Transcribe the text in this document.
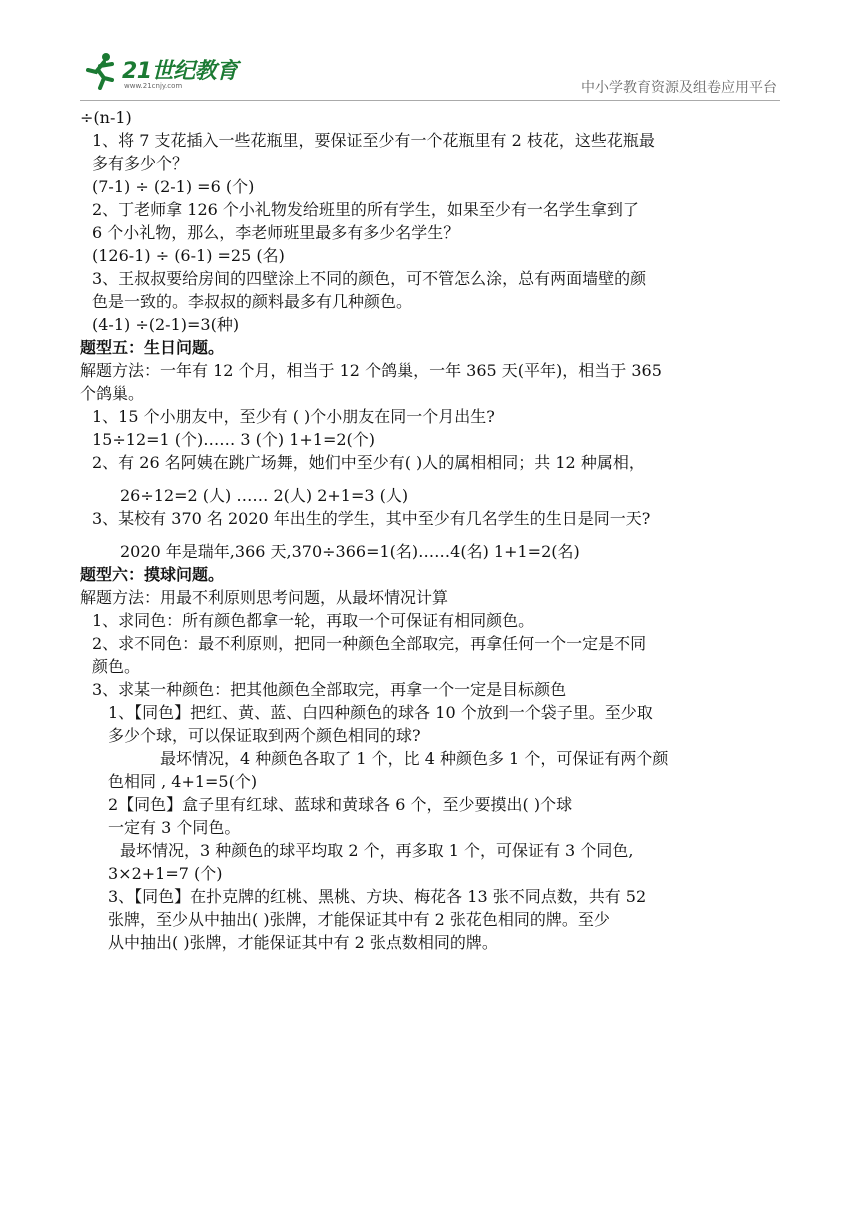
21世纪教育
www.21cnjy.com	中小学教育资源及组卷应用平台
÷(n-1)
1、将 7 支花插入一些花瓶里，要保证至少有一个花瓶里有 2 枝花，这些花瓶最
多有多少个？
(7-1) ÷ (2-1) =6 (个)
2、丁老师拿 126 个小礼物发给班里的所有学生，如果至少有一名学生拿到了
6 个小礼物，那么，李老师班里最多有多少名学生？
(126-1) ÷ (6-1) =25 (名)
3、王叔叔要给房间的四壁涂上不同的颜色，可不管怎么涂，总有两面墙壁的颜
色是一致的。李叔叔的颜料最多有几种颜色。
(4-1) ÷(2-1)=3(种)
题型五：生日问题。
解题方法：一年有 12 个月，相当于 12 个鸽巢，一年 365 天(平年)，相当于 365
个鸽巢。
1、15 个小朋友中，至少有 ( )个小朋友在同一个月出生?
15÷12=1 (个)…… 3 (个) 1+1=2(个)
2、有 26 名阿姨在跳广场舞，她们中至少有( )人的属相相同；共 12 种属相，
26÷12=2 (人) …… 2(人) 2+1=3 (人)
3、某校有 370 名 2020 年出生的学生，其中至少有几名学生的生日是同一天?
2020 年是瑞年,366 天,370÷366=1(名)……4(名) 1+1=2(名)
题型六：摸球问题。
解题方法：用最不利原则思考问题，从最坏情况计算
1、求同色：所有颜色都拿一轮，再取一个可保证有相同颜色。
2、求不同色：最不利原则，把同一种颜色全部取完，再拿任何一个一定是不同
颜色。
3、求某一种颜色：把其他颜色全部取完，再拿一个一定是目标颜色
1、【同色】把红、黄、蓝、白四种颜色的球各 10 个放到一个袋子里。至少取
多少个球，可以保证取到两个颜色相同的球?
最坏情况，4 种颜色各取了 1 个，比 4 种颜色多 1 个，可保证有两个颜
色相同 , 4+1=5(个)
2【同色】盒子里有红球、蓝球和黄球各 6 个，至少要摸出( )个球
一定有 3 个同色。
最坏情况，3 种颜色的球平均取 2 个，再多取 1 个，可保证有 3 个同色,
3×2+1=7 (个)
3、【同色】在扑克牌的红桃、黑桃、方块、梅花各 13 张不同点数，共有 52
张牌，至少从中抽出( )张牌，才能保证其中有 2 张花色相同的牌。至少
从中抽出( )张牌，才能保证其中有 2 张点数相同的牌。
